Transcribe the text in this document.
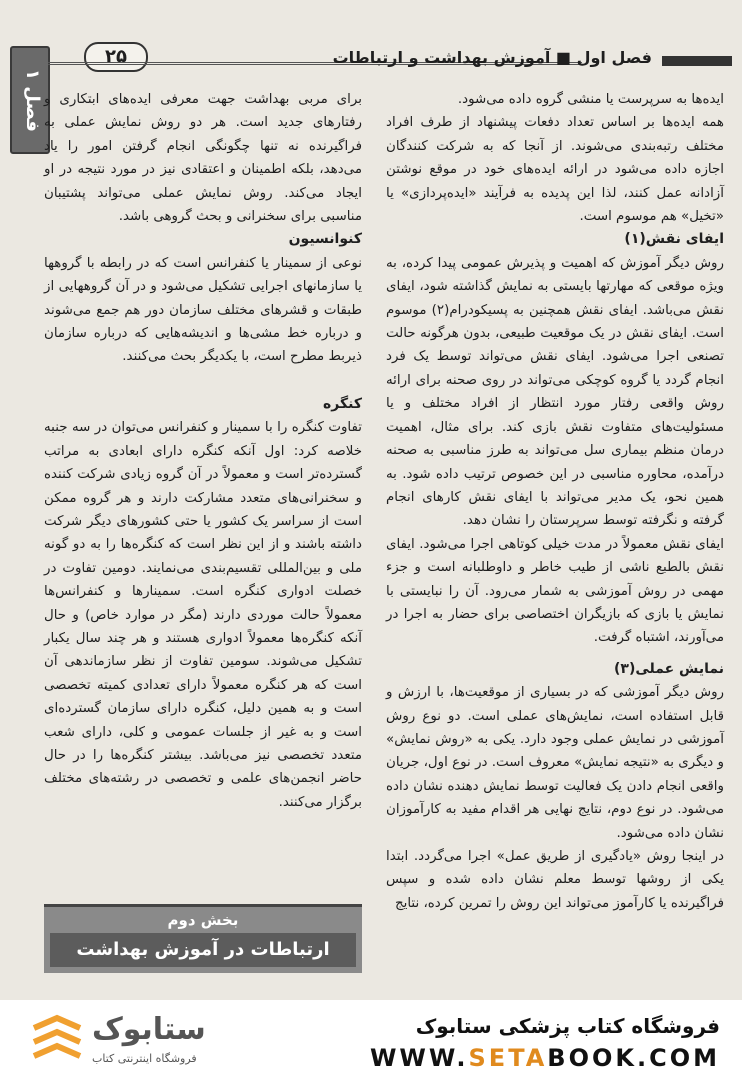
فصل ۱
۲۵	فصل اول ■ آموزش بهداشت و ارتباطات

ایده‌ها به سرپرست یا منشی گروه داده می‌شود.

همه ایده‌ها بر اساس تعداد دفعات پیشنهاد از طرف افراد مختلف رتبه‌بندی می‌شوند. از آنجا که به شرکت کنندگان اجازه داده می‌شود در ارائه ایده‌های خود در موقع نوشتن آزادانه عمل کنند، لذا این پدیده به فرآیند «ایده‌پردازی» یا «تخیل» هم موسوم است.

ایفای نقش(۱)

روش دیگر آموزش که اهمیت و پذیرش عمومی پیدا کرده، به ویژه موقعی که مهارتها بایستی به نمایش گذاشته شود، ایفای نقش می‌باشد. ایفای نقش همچنین به پسیکودرام(۲) موسوم است. ایفای نقش در یک موقعیت طبیعی، بدون هرگونه حالت تصنعی اجرا می‌شود. ایفای نقش می‌تواند توسط یک فرد انجام گردد یا گروه کوچکی می‌تواند در روی صحنه برای ارائه روش واقعی رفتار مورد انتظار از افراد مختلف و یا مسئولیت‌های متفاوت نقش بازی کند. برای مثال، اهمیت درمان منظم بیماری سل می‌تواند به طرز مناسبی به صحنه درآمده، محاوره مناسبی در این خصوص ترتیب داده شود. به همین نحو، یک مدیر می‌تواند با ایفای نقش کارهای انجام گرفته و نگرفته توسط سرپرستان را نشان دهد.

ایفای نقش معمولاً در مدت خیلی کوتاهی اجرا می‌شود. ایفای نقش بالطبع ناشی از طیب خاطر و داوطلبانه است و جزء مهمی در روش آموزشی به شمار می‌رود. آن را نبایستی با نمایش یا بازی که بازیگران اختصاصی برای حضار به اجرا در می‌آورند، اشتباه گرفت.

نمایش عملی(۳)

روش دیگر آموزشی که در بسیاری از موقعیت‌ها، با ارزش و قابل استفاده است، نمایش‌های عملی است. دو نوع روش آموزشی در نمایش عملی وجود دارد. یکی به «روش نمایش» و دیگری به «نتیجه نمایش» معروف است. در نوع اول، جریان واقعی انجام دادن یک فعالیت توسط نمایش دهنده نشان داده می‌شود. در نوع دوم، نتایج نهایی هر اقدام مفید به کارآموزان نشان داده می‌شود.

در اینجا روش «یادگیری از طریق عمل» اجرا می‌گردد. ابتدا یکی از روشها توسط معلم نشان داده شده و سپس فراگیرنده یا کارآموز می‌تواند این روش را تمرین کرده، نتایج

برای مربی بهداشت جهت معرفی ایده‌های ابتکاری و رفتارهای جدید است. هر دو روش نمایش عملی به فراگیرنده نه تنها چگونگی انجام گرفتن امور را یاد می‌دهد، بلکه اطمینان و اعتقادی نیز در مورد نتیجه در او ایجاد می‌کند. روش نمایش عملی می‌تواند پشتیبان مناسبی برای سخنرانی و بحث گروهی باشد.

کنوانسیون

نوعی از سمینار یا کنفرانس است که در رابطه با گروهها یا سازمانهای اجرایی تشکیل می‌شود و در آن گروههایی از طبقات و قشرهای مختلف سازمان دور هم جمع می‌شوند و درباره خط مشی‌ها و اندیشه‌هایی که درباره سازمان ذیربط مطرح است، با یکدیگر بحث می‌کنند.

کنگره

تفاوت کنگره را با سمینار و کنفرانس می‌توان در سه جنبه خلاصه کرد: اول آنکه کنگره دارای ابعادی به مراتب گسترده‌تر است و معمولاً در آن گروه زیادی شرکت کننده و سخنرانی‌های متعدد مشارکت دارند و هر گروه ممکن است از سراسر یک کشور یا حتی کشورهای دیگر شرکت داشته باشند و از این نظر است که کنگره‌ها را به دو گونه ملی و بین‌المللی تقسیم‌بندی می‌نمایند. دومین تفاوت در خصلت ادواری کنگره است. سمینارها و کنفرانس‌ها معمولاً حالت موردی دارند (مگر در موارد خاص) و حال آنکه کنگره‌ها معمولاً ادواری هستند و هر چند سال یکبار تشکیل می‌شوند. سومین تفاوت از نظر سازماندهی آن است که هر کنگره معمولاً دارای تعدادی کمیته تخصصی است و به همین دلیل، کنگره دارای سازمان گسترده‌ای است و به غیر از جلسات عمومی و کلی، دارای شعب متعدد تخصصی نیز می‌باشد. بیشتر کنگره‌ها را در حال حاضر انجمن‌های علمی و تخصصی در رشته‌های مختلف برگزار می‌کنند.

بخش دوم
ارتباطات در آموزش بهداشت
ستابوک
فروشگاه اینترنتی کتاب
فروشگاه کتاب پزشکی ستابوک
WWW.SETABOOK.COM
